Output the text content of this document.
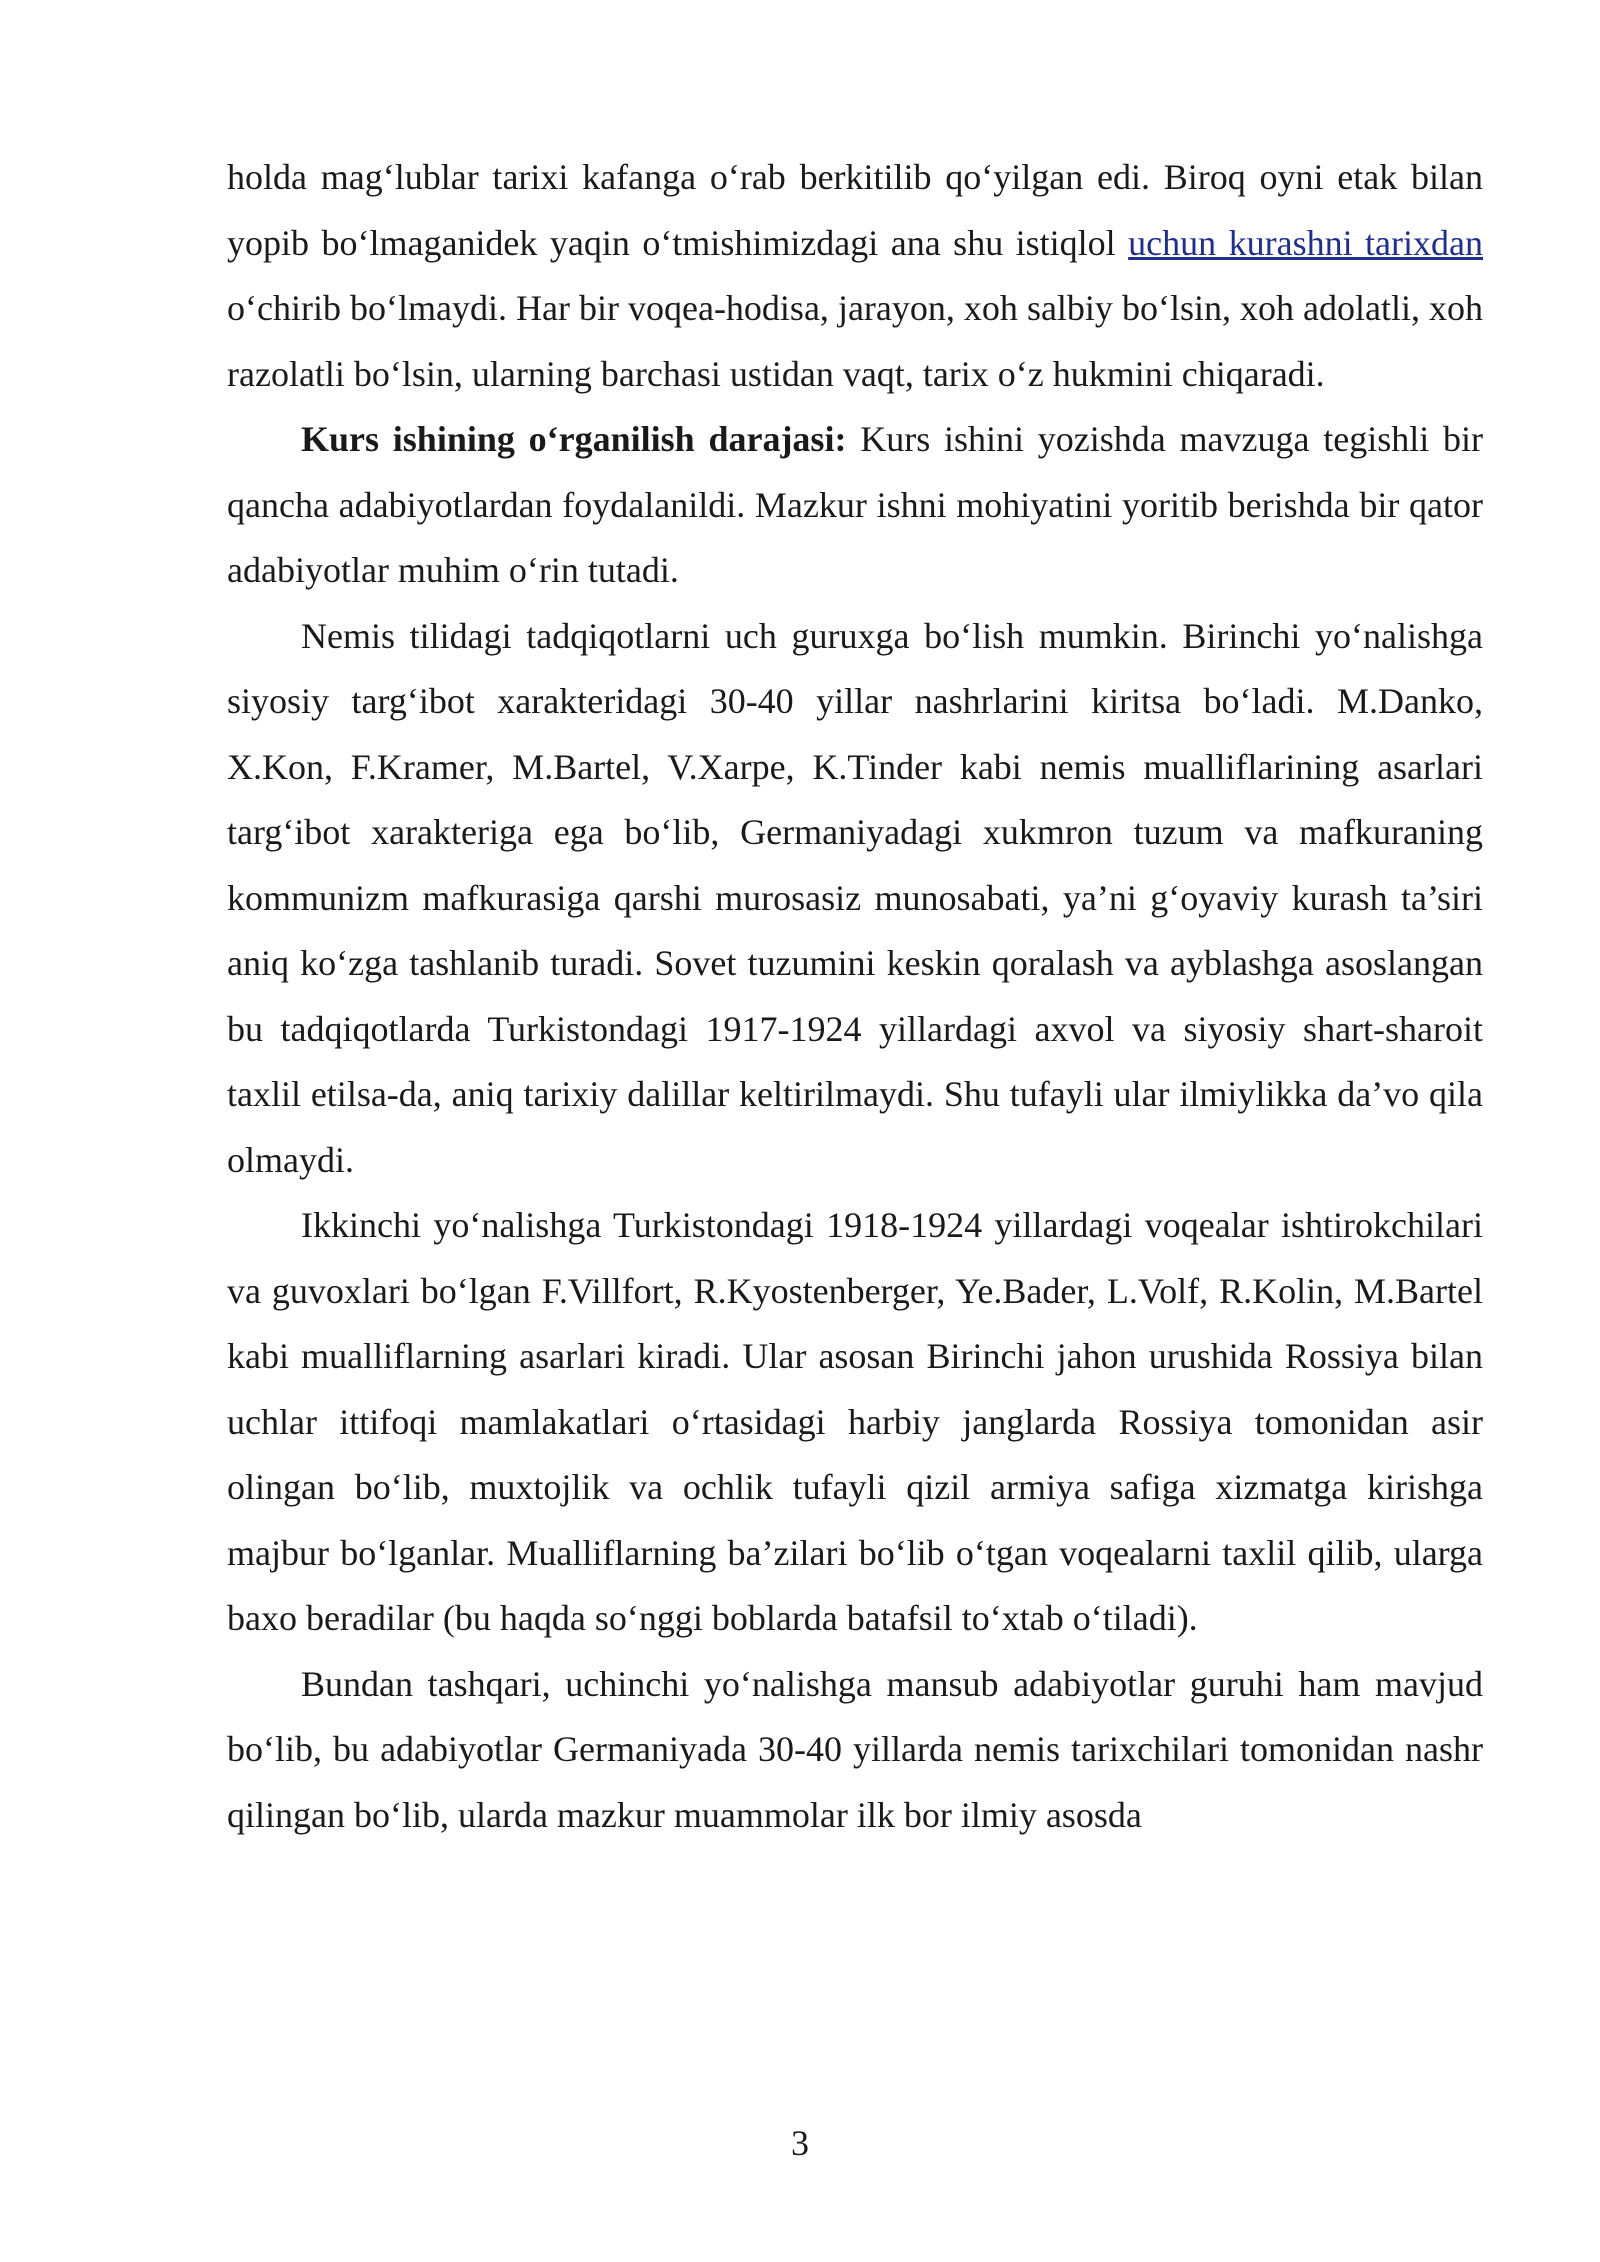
holda mag‘lublar tarixi kafanga o‘rab berkitilib qo‘yilgan edi. Biroq oyni etak bilan yopib bo‘lmaganidek yaqin o‘tmishimizdagi ana shu istiqlol uchun kurashni tarixdan o‘chirib bo‘lmaydi. Har bir voqea-hodisa, jarayon, xoh salbiy bo‘lsin, xoh adolatli, xoh razolatli bo‘lsin, ularning barchasi ustidan vaqt, tarix o‘z hukmini chiqaradi.

Kurs ishining o‘rganilish darajasi: Kurs ishini yozishda mavzuga tegishli bir qancha adabiyotlardan foydalanildi. Mazkur ishni mohiyatini yoritib berishda bir qator adabiyotlar muhim o‘rin tutadi.

Nemis tilidagi tadqiqotlarni uch guruxga bo‘lish mumkin. Birinchi yo‘nalishga siyosiy targ‘ibot xarakteridagi 30-40 yillar nashrlarini kiritsa bo‘ladi. M.Danko, X.Kon, F.Kramer, M.Bartel, V.Xarpe, K.Tinder kabi nemis mualliflarining asarlari targ‘ibot xarakteriga ega bo‘lib, Germaniyadagi xukmron tuzum va mafkuraning kommunizm mafkurasiga qarshi murosasiz munosabati, ya’ni g‘oyaviy kurash ta’siri aniq ko‘zga tashlanib turadi. Sovet tuzumini keskin qoralash va ayblashga asoslangan bu tadqiqotlarda Turkistondagi 1917-1924 yillardagi axvol va siyosiy shart-sharoit taxlil etilsa-da, aniq tarixiy dalillar keltirilmaydi. Shu tufayli ular ilmiylikka da’vo qila olmaydi.

Ikkinchi yo‘nalishga Turkistondagi 1918-1924 yillardagi voqealar ishtirokchilari va guvoxlari bo‘lgan F.Villfort, R.Kyostenberger, Ye.Bader, L.Volf, R.Kolin, M.Bartel kabi mualliflarning asarlari kiradi. Ular asosan Birinchi jahon urushida Rossiya bilan uchlar ittifoqi mamlakatlari o‘rtasidagi harbiy janglarda Rossiya tomonidan asir olingan bo‘lib, muxtojlik va ochlik tufayli qizil armiya safiga xizmatga kirishga majbur bo‘lganlar. Mualliflarning ba’zilari bo‘lib o‘tgan voqealarni taxlil qilib, ularga baxo beradilar (bu haqda so‘nggi boblarda batafsil to‘xtab o‘tiladi).

Bundan tashqari, uchinchi yo‘nalishga mansub adabiyotlar guruhi ham mavjud bo‘lib, bu adabiyotlar Germaniyada 30-40 yillarda nemis tarixchilari tomonidan nashr qilingan bo‘lib, ularda mazkur muammolar ilk bor ilmiy asosda

3
